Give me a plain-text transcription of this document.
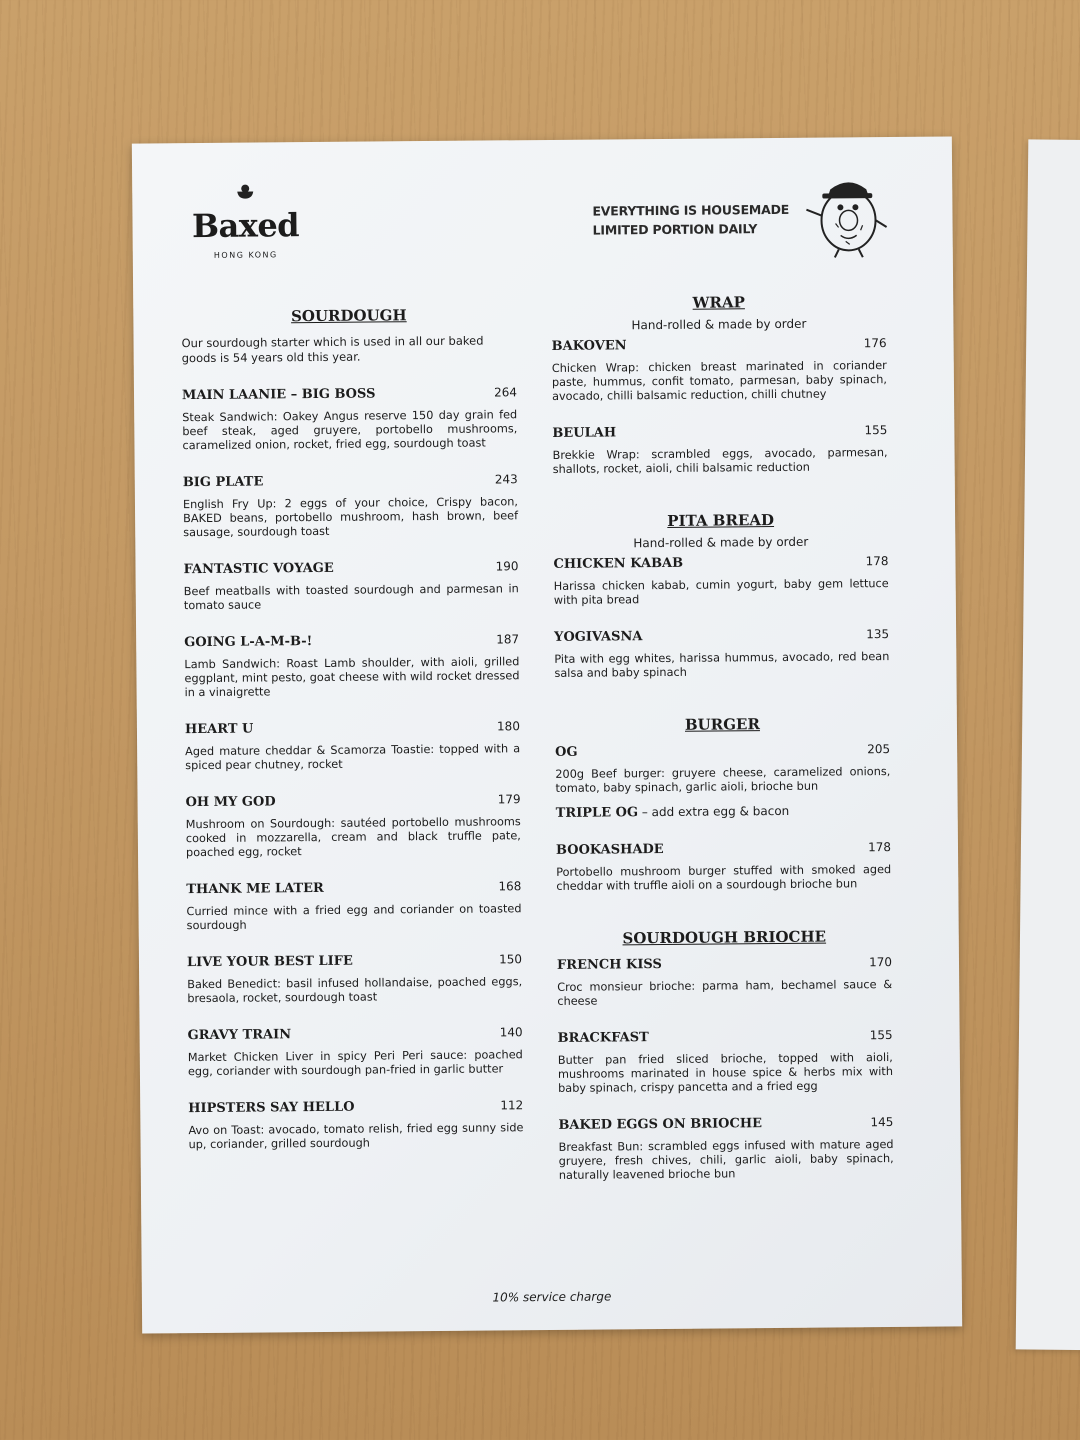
Baxed
HONG KONG
EVERYTHING IS HOUSEMADE
LIMITED PORTION DAILY
SOURDOUGH
Our sourdough starter which is used in all our baked goods is 54 years old this year.
MAIN LAANIE – BIG BOSS	264
Steak Sandwich: Oakey Angus reserve 150 day grain fed beef steak, aged gruyere, portobello mushrooms, caramelized onion, rocket, fried egg, sourdough toast
BIG PLATE	243
English Fry Up: 2 eggs of your choice, Crispy bacon, BAKED beans, portobello mushroom, hash brown, beef sausage, sourdough toast
FANTASTIC VOYAGE	190
Beef meatballs with toasted sourdough and parmesan in tomato sauce
GOING L-A-M-B-!	187
Lamb Sandwich: Roast Lamb shoulder, with aioli, grilled eggplant, mint pesto, goat cheese with wild rocket dressed in a vinaigrette
HEART U	180
Aged mature cheddar & Scamorza Toastie: topped with a spiced pear chutney, rocket
OH MY GOD	179
Mushroom on Sourdough: sautéed portobello mushrooms cooked in mozzarella, cream and black truffle pate, poached egg, rocket
THANK ME LATER	168
Curried mince with a fried egg and coriander on toasted sourdough
LIVE YOUR BEST LIFE	150
Baked Benedict: basil infused hollandaise, poached eggs, bresaola, rocket, sourdough toast
GRAVY TRAIN	140
Market Chicken Liver in spicy Peri Peri sauce: poached egg, coriander with sourdough pan-fried in garlic butter
HIPSTERS SAY HELLO	112
Avo on Toast: avocado, tomato relish, fried egg sunny side up, coriander, grilled sourdough
WRAP
Hand-rolled & made by order
BAKOVEN	176
Chicken Wrap: chicken breast marinated in coriander paste, hummus, confit tomato, parmesan, baby spinach, avocado, chilli balsamic reduction, chilli chutney
BEULAH	155
Brekkie Wrap: scrambled eggs, avocado, parmesan, shallots, rocket, aioli, chili balsamic reduction
PITA BREAD
Hand-rolled & made by order
CHICKEN KABAB	178
Harissa chicken kabab, cumin yogurt, baby gem lettuce with pita bread
YOGIVASNA	135
Pita with egg whites, harissa hummus, avocado, red bean salsa and baby spinach
BURGER
OG	205
200g Beef burger: gruyere cheese, caramelized onions, tomato, baby spinach, garlic aioli, brioche bun
TRIPLE OG – add extra egg & bacon
BOOKASHADE	178
Portobello mushroom burger stuffed with smoked aged cheddar with truffle aioli on a sourdough brioche bun
SOURDOUGH BRIOCHE
FRENCH KISS	170
Croc monsieur brioche: parma ham, bechamel sauce & cheese
BRACKFAST	155
Butter pan fried sliced brioche, topped with aioli, mushrooms marinated in house spice & herbs mix with baby spinach, crispy pancetta and a fried egg
BAKED EGGS ON BRIOCHE	145
Breakfast Bun: scrambled eggs infused with mature aged gruyere, fresh chives, chili, garlic aioli, baby spinach, naturally leavened brioche bun
10% service charge
